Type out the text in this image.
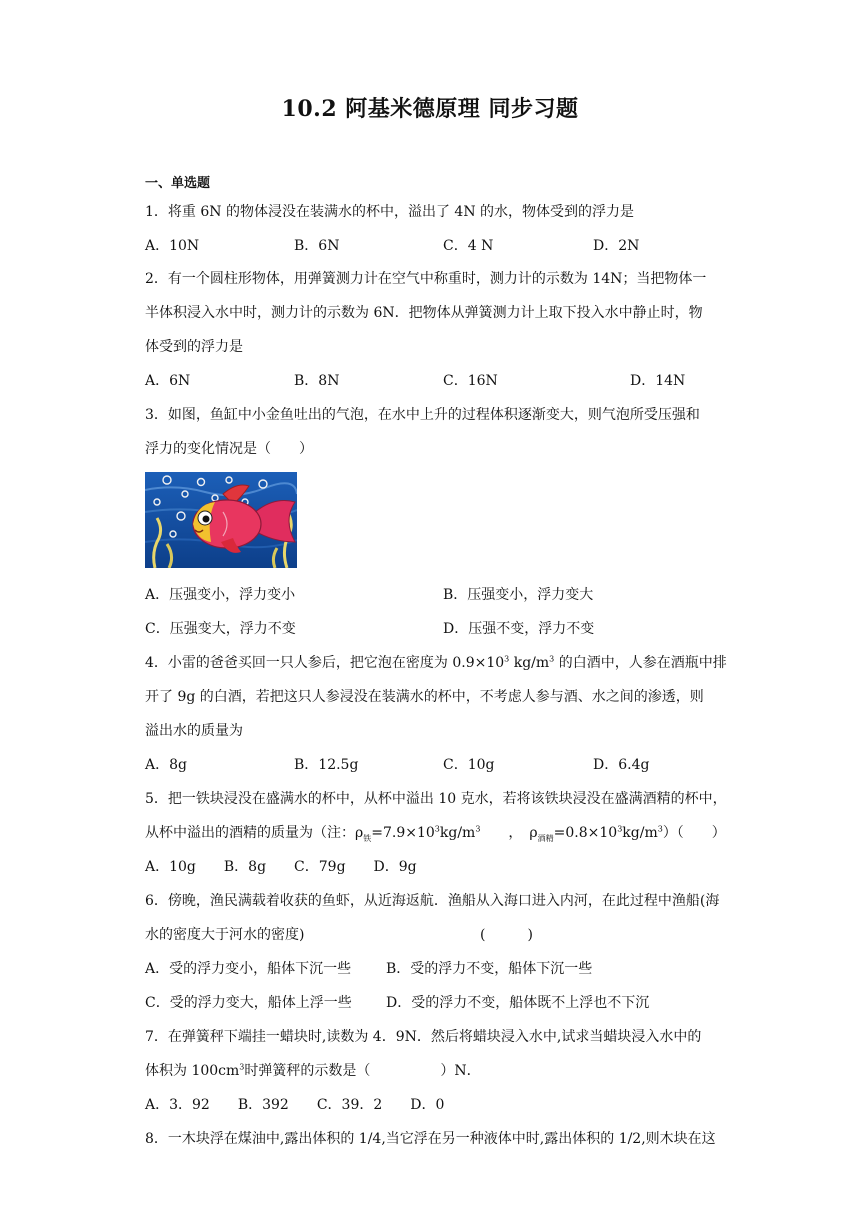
10.2 阿基米德原理 同步习题
一、单选题
1．将重 6N 的物体浸没在装满水的杯中，溢出了 4N 的水，物体受到的浮力是
A．10N	B．6N	C．4 N	D．2N
2．有一个圆柱形物体，用弹簧测力计在空气中称重时，测力计的示数为 14N；当把物体一
半体积浸入水中时，测力计的示数为 6N．把物体从弹簧测力计上取下投入水中静止时，物
体受到的浮力是
A．6N	B．8N	C．16N	D．14N
3．如图，鱼缸中小金鱼吐出的气泡，在水中上升的过程体积逐渐变大，则气泡所受压强和
浮力的变化情况是（　　）
A．压强变小，浮力变小	B．压强变小，浮力变大
C．压强变大，浮力不变	D．压强不变，浮力不变
4．小雷的爸爸买回一只人参后，把它泡在密度为 $0.9\times 10^3$ $kg/m^3$ 的白酒中，人参在酒瓶中排
开了 9g 的白酒，若把这只人参浸没在装满水的杯中，不考虑人参与酒、水之间的渗透，则
溢出水的质量为
A．8g	B．12.5g	C．10g	D．6.4g
5．把一铁块浸没在盛满水的杯中，从杯中溢出 10 克水，若将该铁块浸没在盛满酒精的杯中，
从杯中溢出的酒精的质量为（注：$\rho_铁=7.9\times 10^3kg/m^3$　　，　$\rho_{酒精}=0.8\times 10^3kg/m^3$）（　　）
A．10g　　B．8g　　C．79g　　D．9g
6．傍晚，渔民满载着收获的鱼虾，从近海返航．渔船从入海口进入内河，在此过程中渔船(海
水的密度大于河水的密度)	(　　　)
A．受的浮力变小，船体下沉一些 B．受的浮力不变，船体下沉一些
C．受的浮力变大，船体上浮一些 D．受的浮力不变，船体既不上浮也不下沉
7．在弹簧秤下端挂一蜡块时,读数为 4．9N．然后将蜡块浸入水中,试求当蜡块浸入水中的
体积为 $100cm^3$时弹簧秤的示数是（　　　　　）N．
A．3．92　　B．392　　C．39．2　　D．0
8．一木块浮在煤油中,露出体积的 1/4,当它浮在另一种液体中时,露出体积的 1/2,则木块在这
